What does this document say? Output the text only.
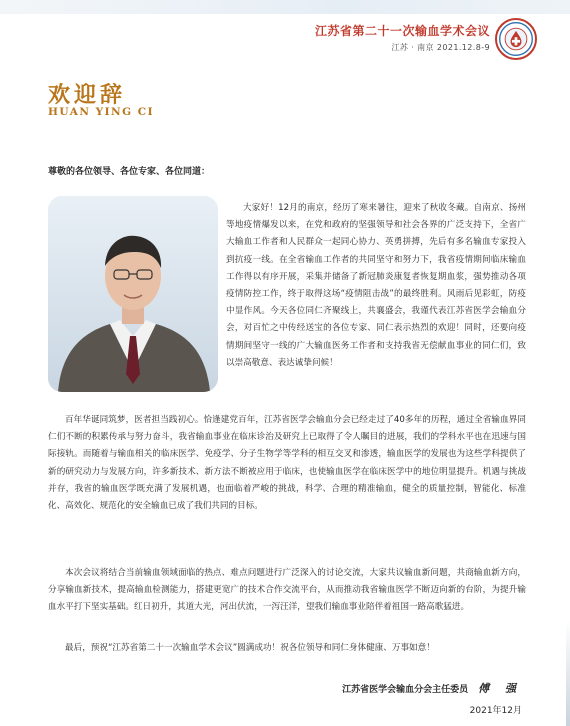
江苏省第二十一次输血学术会议
江苏 · 南京 2021.12.8-9
欢迎辞
HUAN YING CI
尊敬的各位领导、各位专家、各位同道：

大家好！12月的南京，经历了寒来暑往，迎来了秋收冬藏。自南京、扬州等地疫情爆发以来，在党和政府的坚强领导和社会各界的广泛支持下，全省广大输血工作者和人民群众一起同心协力、英勇拼搏，先后有多名输血专家投入到抗疫一线。在全省输血工作者的共同坚守和努力下，我省疫情期间临床输血工作得以有序开展，采集并储备了新冠肺炎康复者恢复期血浆，强势推动各项疫情防控工作，终于取得这场“疫情阻击战”的最终胜利。风雨后见彩虹，防疫中显作风。今天各位同仁齐聚线上，共襄盛会，我谨代表江苏省医学会输血分会，对百忙之中传经送宝的各位专家、同仁表示热烈的欢迎！同时，还要向疫情期间坚守一线的广大输血医务工作者和支持我省无偿献血事业的同仁们，致以崇高敬意、表达诚挚问候！

百年华诞同筑梦，医者担当践初心。恰逢建党百年，江苏省医学会输血分会已经走过了40多年的历程，通过全省输血界同仁们不断的积累传承与努力奋斗，我省输血事业在临床诊治及研究上已取得了令人瞩目的进展，我们的学科水平也在迅速与国际接轨。而随着与输血相关的临床医学、免疫学、分子生物学等学科的相互交叉和渗透，输血医学的发展也为这些学科提供了新的研究动力与发展方向，许多新技术、新方法不断被应用于临床，也使输血医学在临床医学中的地位明显提升。机遇与挑战并存，我省的输血医学既充满了发展机遇，也面临着严峻的挑战，科学、合理的精准输血，健全的质量控制，智能化、标准化、高效化、规范化的安全输血已成了我们共同的目标。

本次会议将结合当前输血领域面临的热点、难点问题进行广泛深入的讨论交流，大家共议输血新问题，共商输血新方向，分享输血新技术，提高输血检测能力，搭建更宽广的技术合作交流平台，从而推动我省输血医学不断迈向新的台阶，为提升输血水平打下坚实基础。红日初升，其道大光，河出伏流，一泻汪洋，望我们输血事业陪伴着祖国一路高歌猛进。

最后，预祝“江苏省第二十一次输血学术会议”圆满成功！祝各位领导和同仁身体健康、万事如意！

江苏省医学会输血分会主任委员 傅 强
2021年12月
